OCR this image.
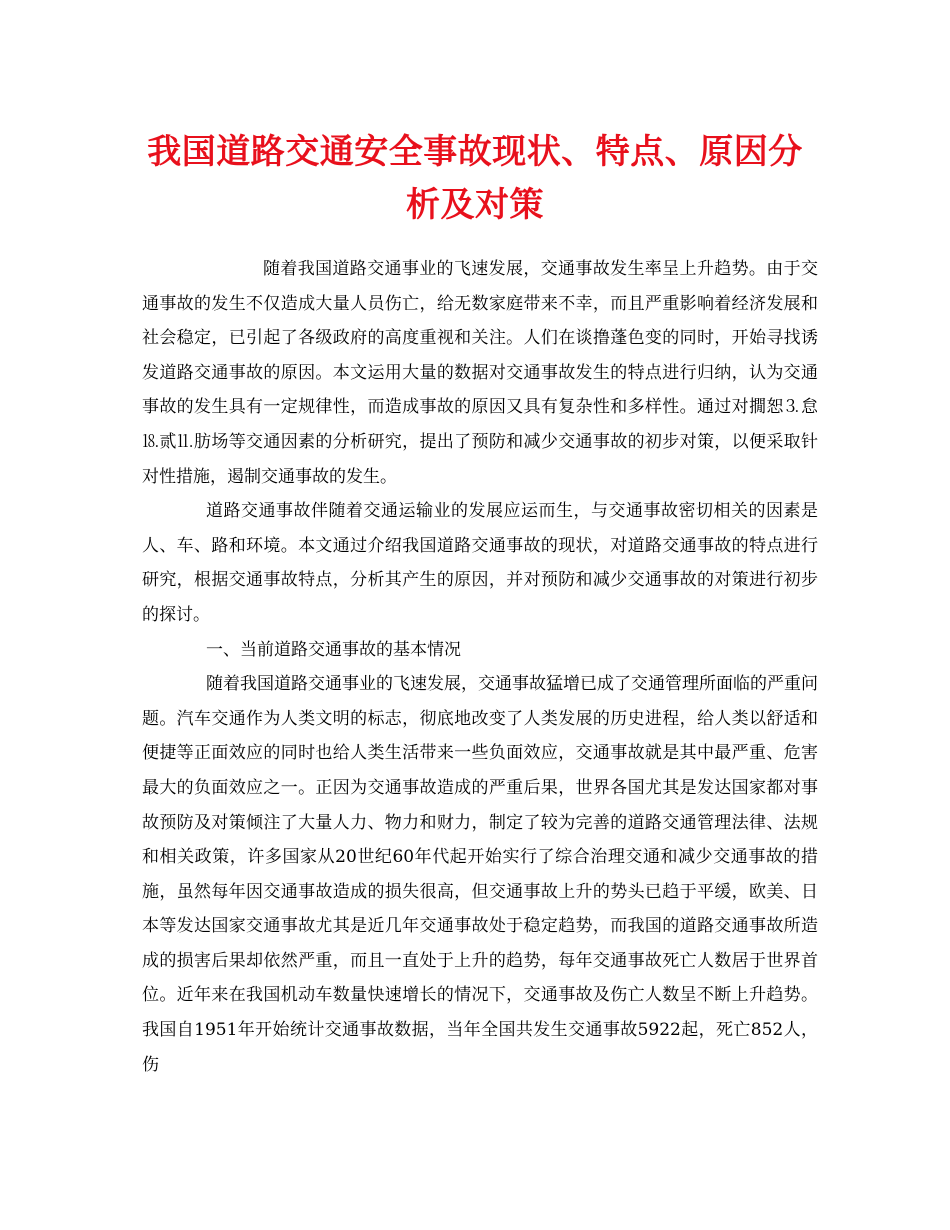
我国道路交通安全事故现状、特点、原因分
析及对策

随着我国道路交通事业的飞速发展，交通事故发生率呈上升趋势。由于交通事故的发生不仅造成大量人员伤亡，给无数家庭带来不幸，而且严重影响着经济发展和社会稳定，已引起了各级政府的高度重视和关注。人们在谈撸蓬色变的同时，开始寻找诱发道路交通事故的原因。本文运用大量的数据对交通事故发生的特点进行归纳，认为交通事故的发生具有一定规律性，而造成事故的原因又具有复杂性和多样性。通过对撊恕⒊怠⒙贰⒒肪场等交通因素的分析研究，提出了预防和减少交通事故的初步对策，以便采取针对性措施，遏制交通事故的发生。

道路交通事故伴随着交通运输业的发展应运而生，与交通事故密切相关的因素是人、车、路和环境。本文通过介绍我国道路交通事故的现状，对道路交通事故的特点进行研究，根据交通事故特点，分析其产生的原因，并对预防和减少交通事故的对策进行初步的探讨。

一、当前道路交通事故的基本情况

随着我国道路交通事业的飞速发展，交通事故猛增已成了交通管理所面临的严重问题。汽车交通作为人类文明的标志，彻底地改变了人类发展的历史进程，给人类以舒适和便捷等正面效应的同时也给人类生活带来一些负面效应，交通事故就是其中最严重、危害最大的负面效应之一。正因为交通事故造成的严重后果，世界各国尤其是发达国家都对事故预防及对策倾注了大量人力、物力和财力，制定了较为完善的道路交通管理法律、法规和相关政策，许多国家从20世纪60年代起开始实行了综合治理交通和减少交通事故的措施，虽然每年因交通事故造成的损失很高，但交通事故上升的势头已趋于平缓，欧美、日本等发达国家交通事故尤其是近几年交通事故处于稳定趋势，而我国的道路交通事故所造成的损害后果却依然严重，而且一直处于上升的趋势，每年交通事故死亡人数居于世界首位。近年来在我国机动车数量快速增长的情况下，交通事故及伤亡人数呈不断上升趋势。我国自1951年开始统计交通事故数据，当年全国共发生交通事故5922起，死亡852人，伤
